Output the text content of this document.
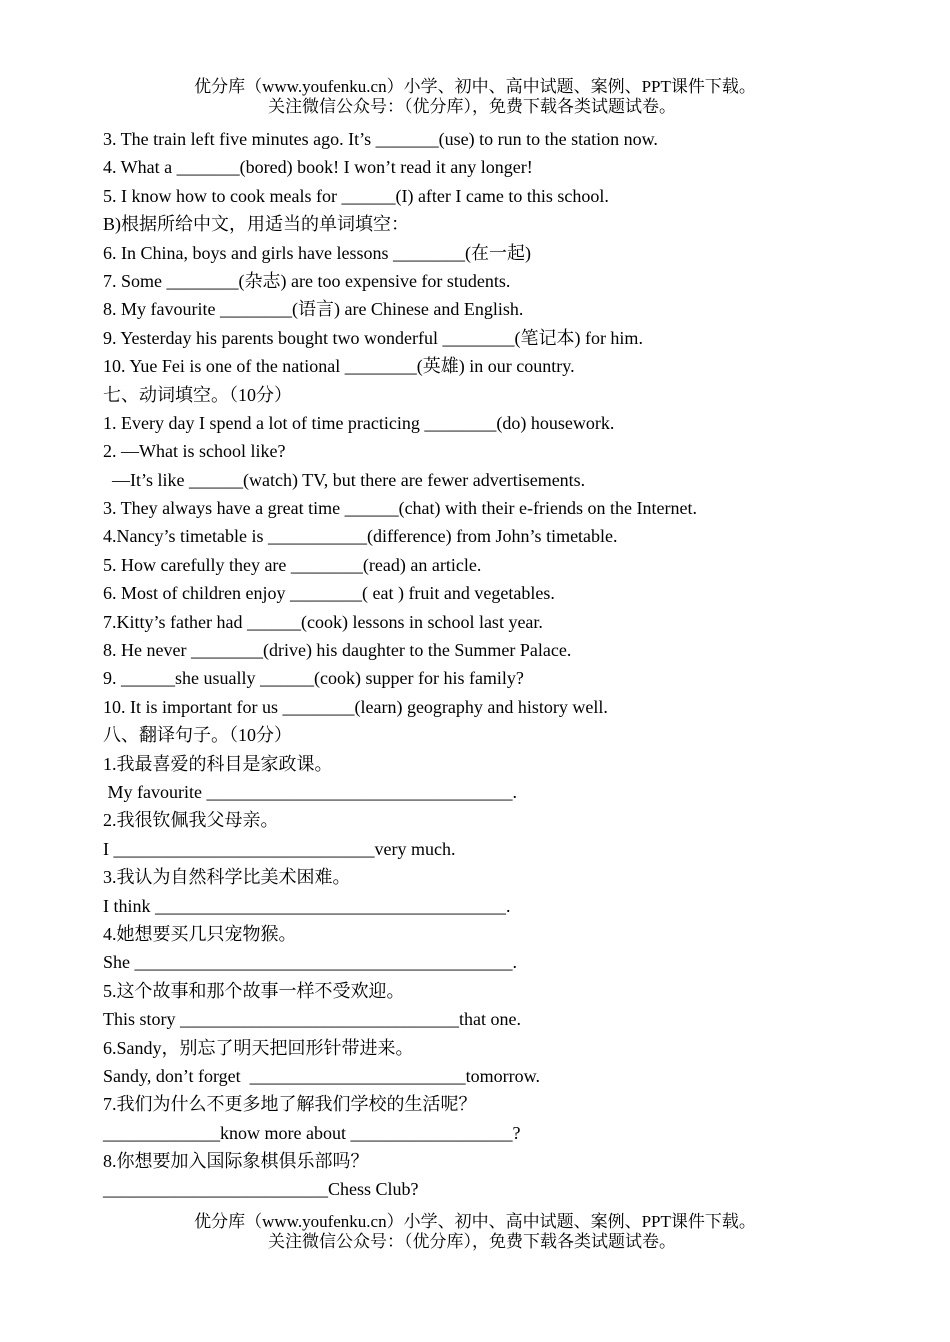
优分库（www.youfenku.cn）小学、初中、高中试题、案例、PPT课件下载。
关注微信公众号：（优分库），免费下载各类试题试卷。
3. The train left five minutes ago. It’s _______(use) to run to the station now.
4. What a _______(bored) book! I won’t read it any longer!
5. I know how to cook meals for ______(I) after I came to this school.
B)根据所给中文，用适当的单词填空：
6. In China, boys and girls have lessons ________(在一起)
7. Some ________(杂志) are too expensive for students.
8. My favourite ________(语言) are Chinese and English.
9. Yesterday his parents bought two wonderful ________(笔记本) for him.
10. Yue Fei is one of the national ________(英雄) in our country.
七、动词填空。（10分）
1. Every day I spend a lot of time practicing ________(do) housework.
2. —What is school like?
—It’s like ______(watch) TV, but there are fewer advertisements.
3. They always have a great time ______(chat) with their e-friends on the Internet.
4.Nancy’s timetable is ___________(difference) from John’s timetable.
5. How carefully they are ________(read) an article.
6. Most of children enjoy ________( eat ) fruit and vegetables.
7.Kitty’s father had ______(cook) lessons in school last year.
8. He never ________(drive) his daughter to the Summer Palace.
9. ______she usually ______(cook) supper for his family?
10. It is important for us ________(learn) geography and history well.
八、翻译句子。（10分）
1.我最喜爱的科目是家政课。
My favourite __________________________________.
2.我很钦佩我父母亲。
I _____________________________very much.
3.我认为自然科学比美术困难。
I think _______________________________________.
4.她想要买几只宠物猴。
She __________________________________________.
5.这个故事和那个故事一样不受欢迎。
This story _______________________________that one.
6.Sandy，别忘了明天把回形针带进来。
Sandy, don’t forget  ________________________tomorrow.
7.我们为什么不更多地了解我们学校的生活呢？
_____________know more about __________________?
8.你想要加入国际象棋俱乐部吗？
_________________________Chess Club?
优分库（www.youfenku.cn）小学、初中、高中试题、案例、PPT课件下载。
关注微信公众号：（优分库），免费下载各类试题试卷。
